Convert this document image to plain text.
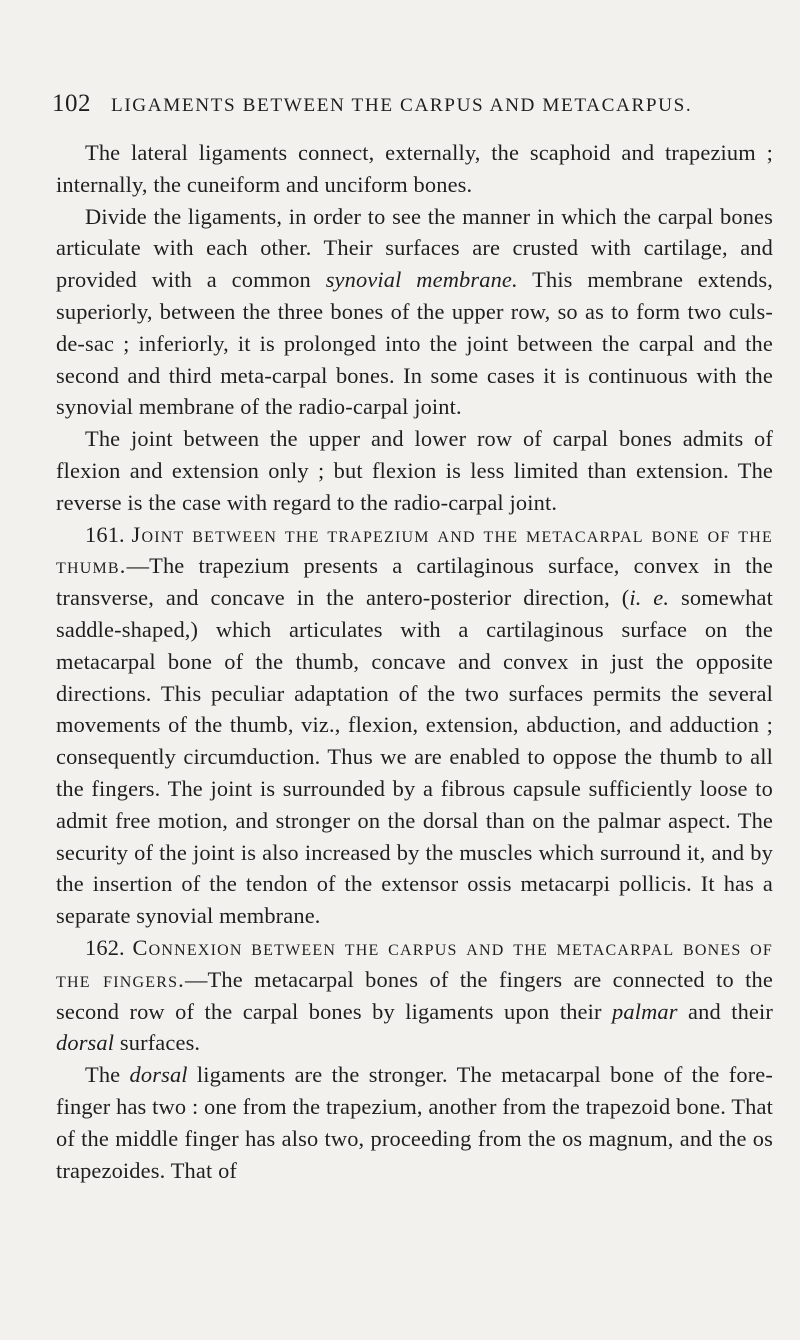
102 LIGAMENTS BETWEEN THE CARPUS AND METACARPUS.

The lateral ligaments connect, externally, the scaphoid and trapezium ; internally, the cuneiform and unciform bones.

Divide the ligaments, in order to see the manner in which the carpal bones articulate with each other. Their surfaces are crusted with cartilage, and provided with a common synovial membrane. This membrane extends, superiorly, between the three bones of the upper row, so as to form two culs-de-sac ; inferiorly, it is prolonged into the joint between the carpal and the second and third meta-carpal bones. In some cases it is continuous with the synovial membrane of the radio-carpal joint.

The joint between the upper and lower row of carpal bones admits of flexion and extension only ; but flexion is less limited than extension. The reverse is the case with regard to the radio-carpal joint.

161. Joint between the trapezium and the metacarpal bone of the thumb.—The trapezium presents a cartilaginous surface, convex in the transverse, and concave in the antero-posterior direction, (i. e. somewhat saddle-shaped,) which articulates with a cartilaginous surface on the metacarpal bone of the thumb, concave and convex in just the opposite directions. This peculiar adaptation of the two surfaces permits the several movements of the thumb, viz., flexion, extension, abduction, and adduction ; consequently circumduction. Thus we are enabled to oppose the thumb to all the fingers. The joint is surrounded by a fibrous capsule sufficiently loose to admit free motion, and stronger on the dorsal than on the palmar aspect. The security of the joint is also increased by the muscles which surround it, and by the insertion of the tendon of the extensor ossis metacarpi pollicis. It has a separate synovial membrane.

162. Connexion between the carpus and the metacarpal bones of the fingers.—The metacarpal bones of the fingers are connected to the second row of the carpal bones by ligaments upon their palmar and their dorsal surfaces.

The dorsal ligaments are the stronger. The metacarpal bone of the fore-finger has two : one from the trapezium, another from the trapezoid bone. That of the middle finger has also two, proceeding from the os magnum, and the os trapezoides. That of
